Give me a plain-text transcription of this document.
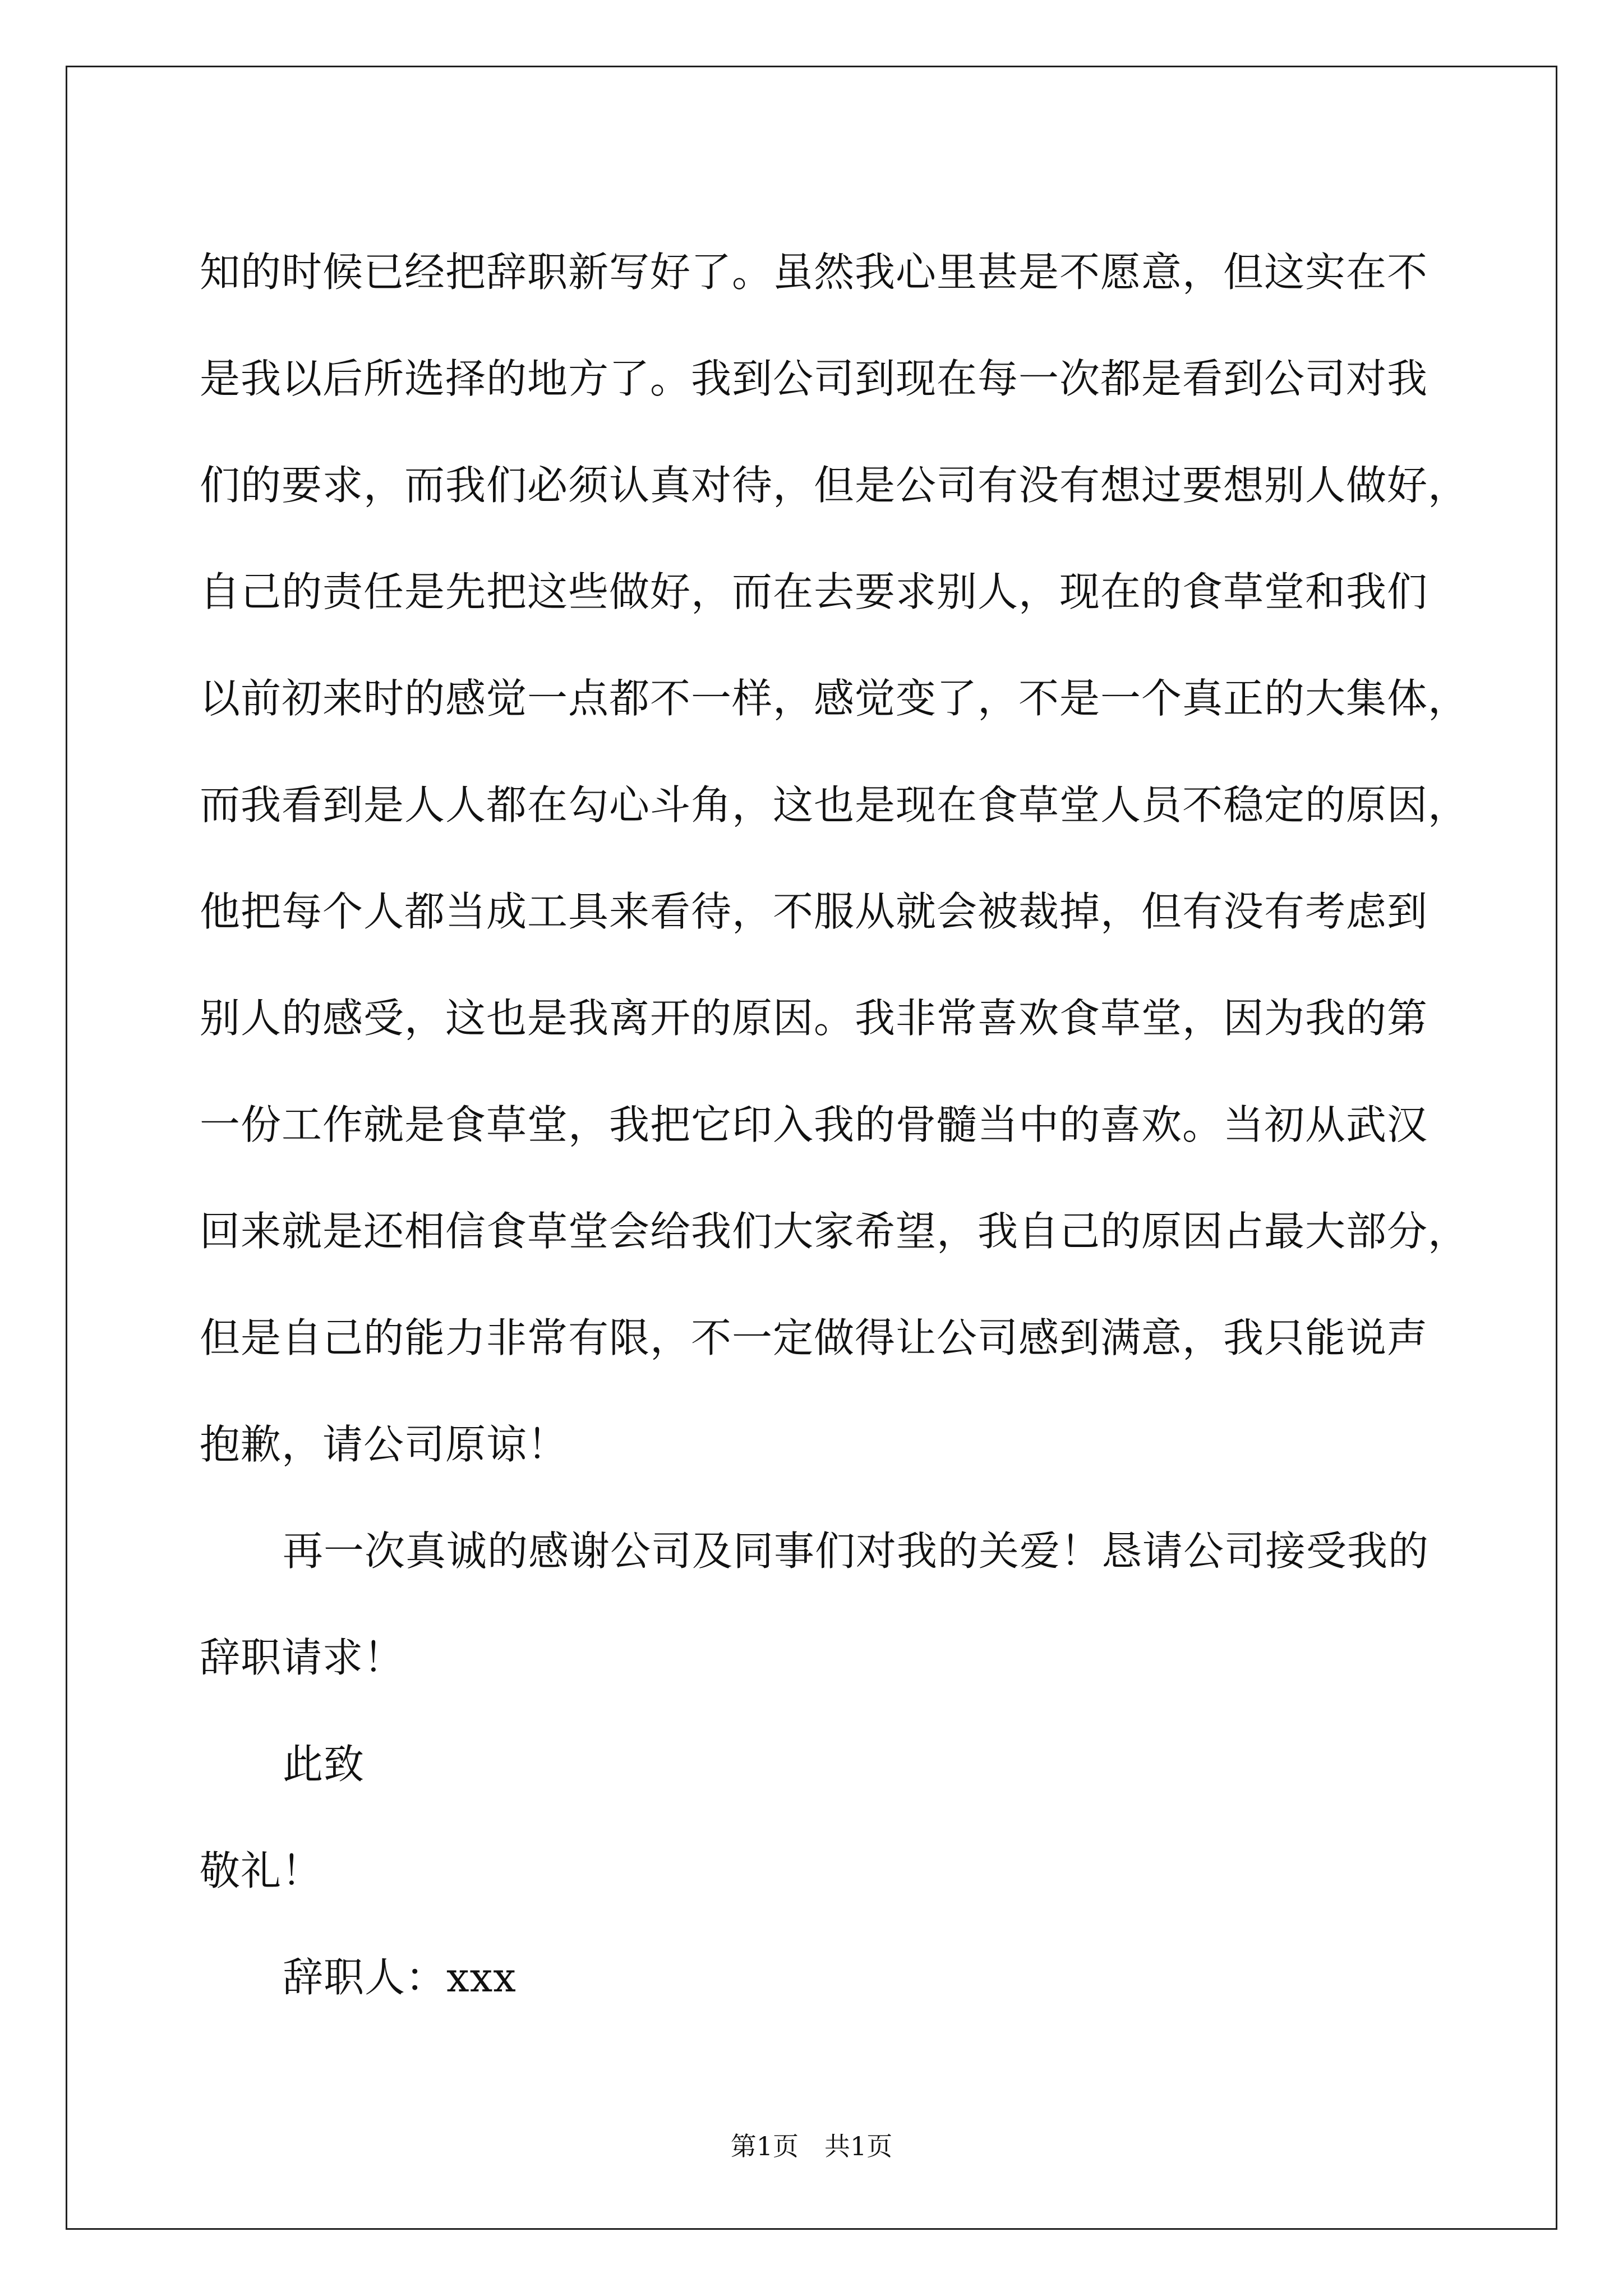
知的时候已经把辞职新写好了。虽然我心里甚是不愿意，但这实在不
是我以后所选择的地方了。我到公司到现在每一次都是看到公司对我
们的要求，而我们必须认真对待，但是公司有没有想过要想别人做好，
自己的责任是先把这些做好，而在去要求别人，现在的食草堂和我们
以前初来时的感觉一点都不一样，感觉变了，不是一个真正的大集体，
而我看到是人人都在勾心斗角，这也是现在食草堂人员不稳定的原因，
他把每个人都当成工具来看待，不服从就会被裁掉，但有没有考虑到
别人的感受，这也是我离开的原因。我非常喜欢食草堂，因为我的第
一份工作就是食草堂，我把它印入我的骨髓当中的喜欢。当初从武汉
回来就是还相信食草堂会给我们大家希望，我自己的原因占最大部分，
但是自己的能力非常有限，不一定做得让公司感到满意，我只能说声
抱歉，请公司原谅！
再一次真诚的感谢公司及同事们对我的关爱！恳请公司接受我的
辞职请求！
此致
敬礼！
辞职人：xxx
第1页　共1页
